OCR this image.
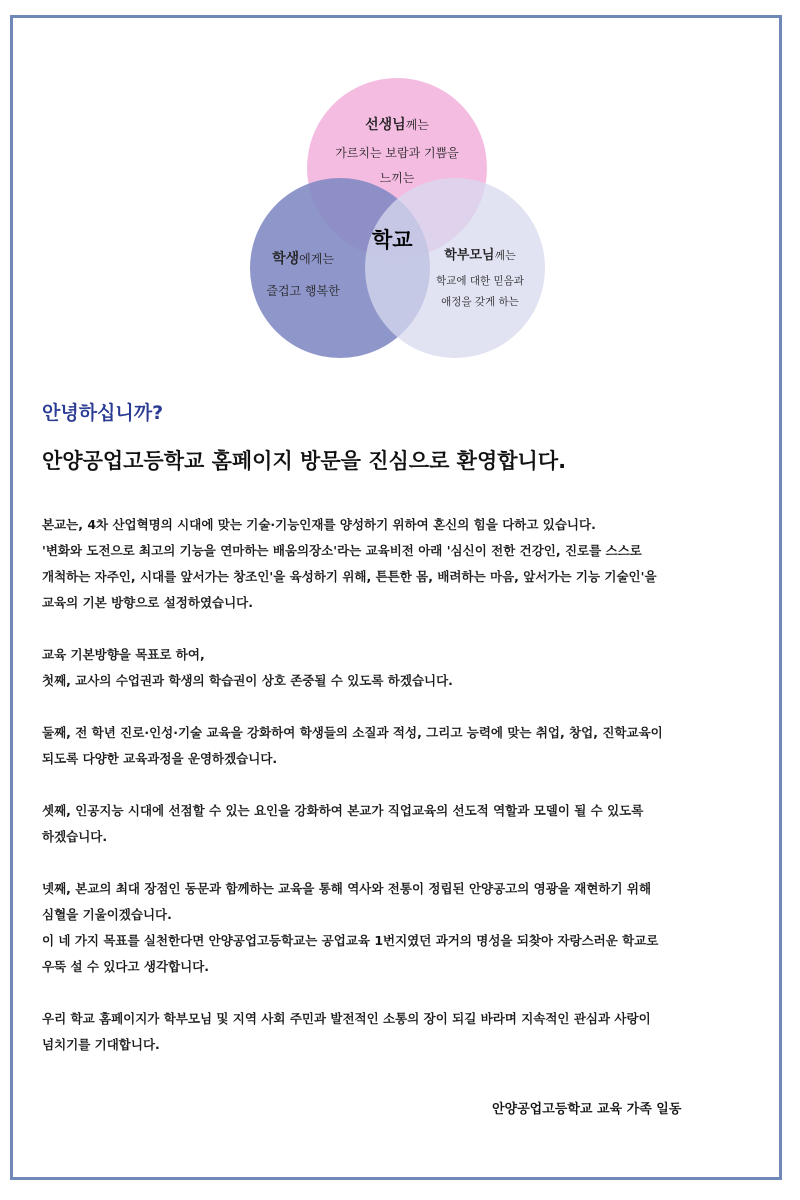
선생님께는
가르치는 보람과 기쁨을
느끼는
학교
학생에게는
즐겁고 행복한
학부모님께는
학교에 대한 믿음과
애정을 갖게 하는
안녕하십니까?
안양공업고등학교 홈페이지 방문을 진심으로 환영합니다.

본교는, 4차 산업혁명의 시대에 맞는 기술·기능인재를 양성하기 위하여 혼신의 힘을 다하고 있습니다.
'변화와 도전으로 최고의 기능을 연마하는 배움의장소'라는 교육비전 아래 '심신이 전한 건강인, 진로를 스스로
개척하는 자주인, 시대를 앞서가는 창조인'을 육성하기 위해, 튼튼한 몸, 배려하는 마음, 앞서가는 기능 기술인'을
교육의 기본 방향으로 설정하였습니다.

교육 기본방향을 목표로 하여,
첫째, 교사의 수업권과 학생의 학습권이 상호 존중될 수 있도록 하겠습니다.

둘째, 전 학년 진로·인성·기술 교육을 강화하여 학생들의 소질과 적성, 그리고 능력에 맞는 취업, 창업, 진학교육이
되도록 다양한 교육과정을 운영하겠습니다.

셋째, 인공지능 시대에 선점할 수 있는 요인을 강화하여 본교가 직업교육의 선도적 역할과 모델이 될 수 있도록
하겠습니다.

넷째, 본교의 최대 장점인 동문과 함께하는 교육을 통해 역사와 전통이 정립된 안양공고의 영광을 재현하기 위해
심혈을 기울이겠습니다.
이 네 가지 목표를 실천한다면 안양공업고등학교는 공업교육 1번지였던 과거의 명성을 되찾아 자랑스러운 학교로
우뚝 설 수 있다고 생각합니다.

우리 학교 홈페이지가 학부모님 및 지역 사회 주민과 발전적인 소통의 장이 되길 바라며 지속적인 관심과 사랑이
넘치기를 기대합니다.

안양공업고등학교 교육 가족 일동
